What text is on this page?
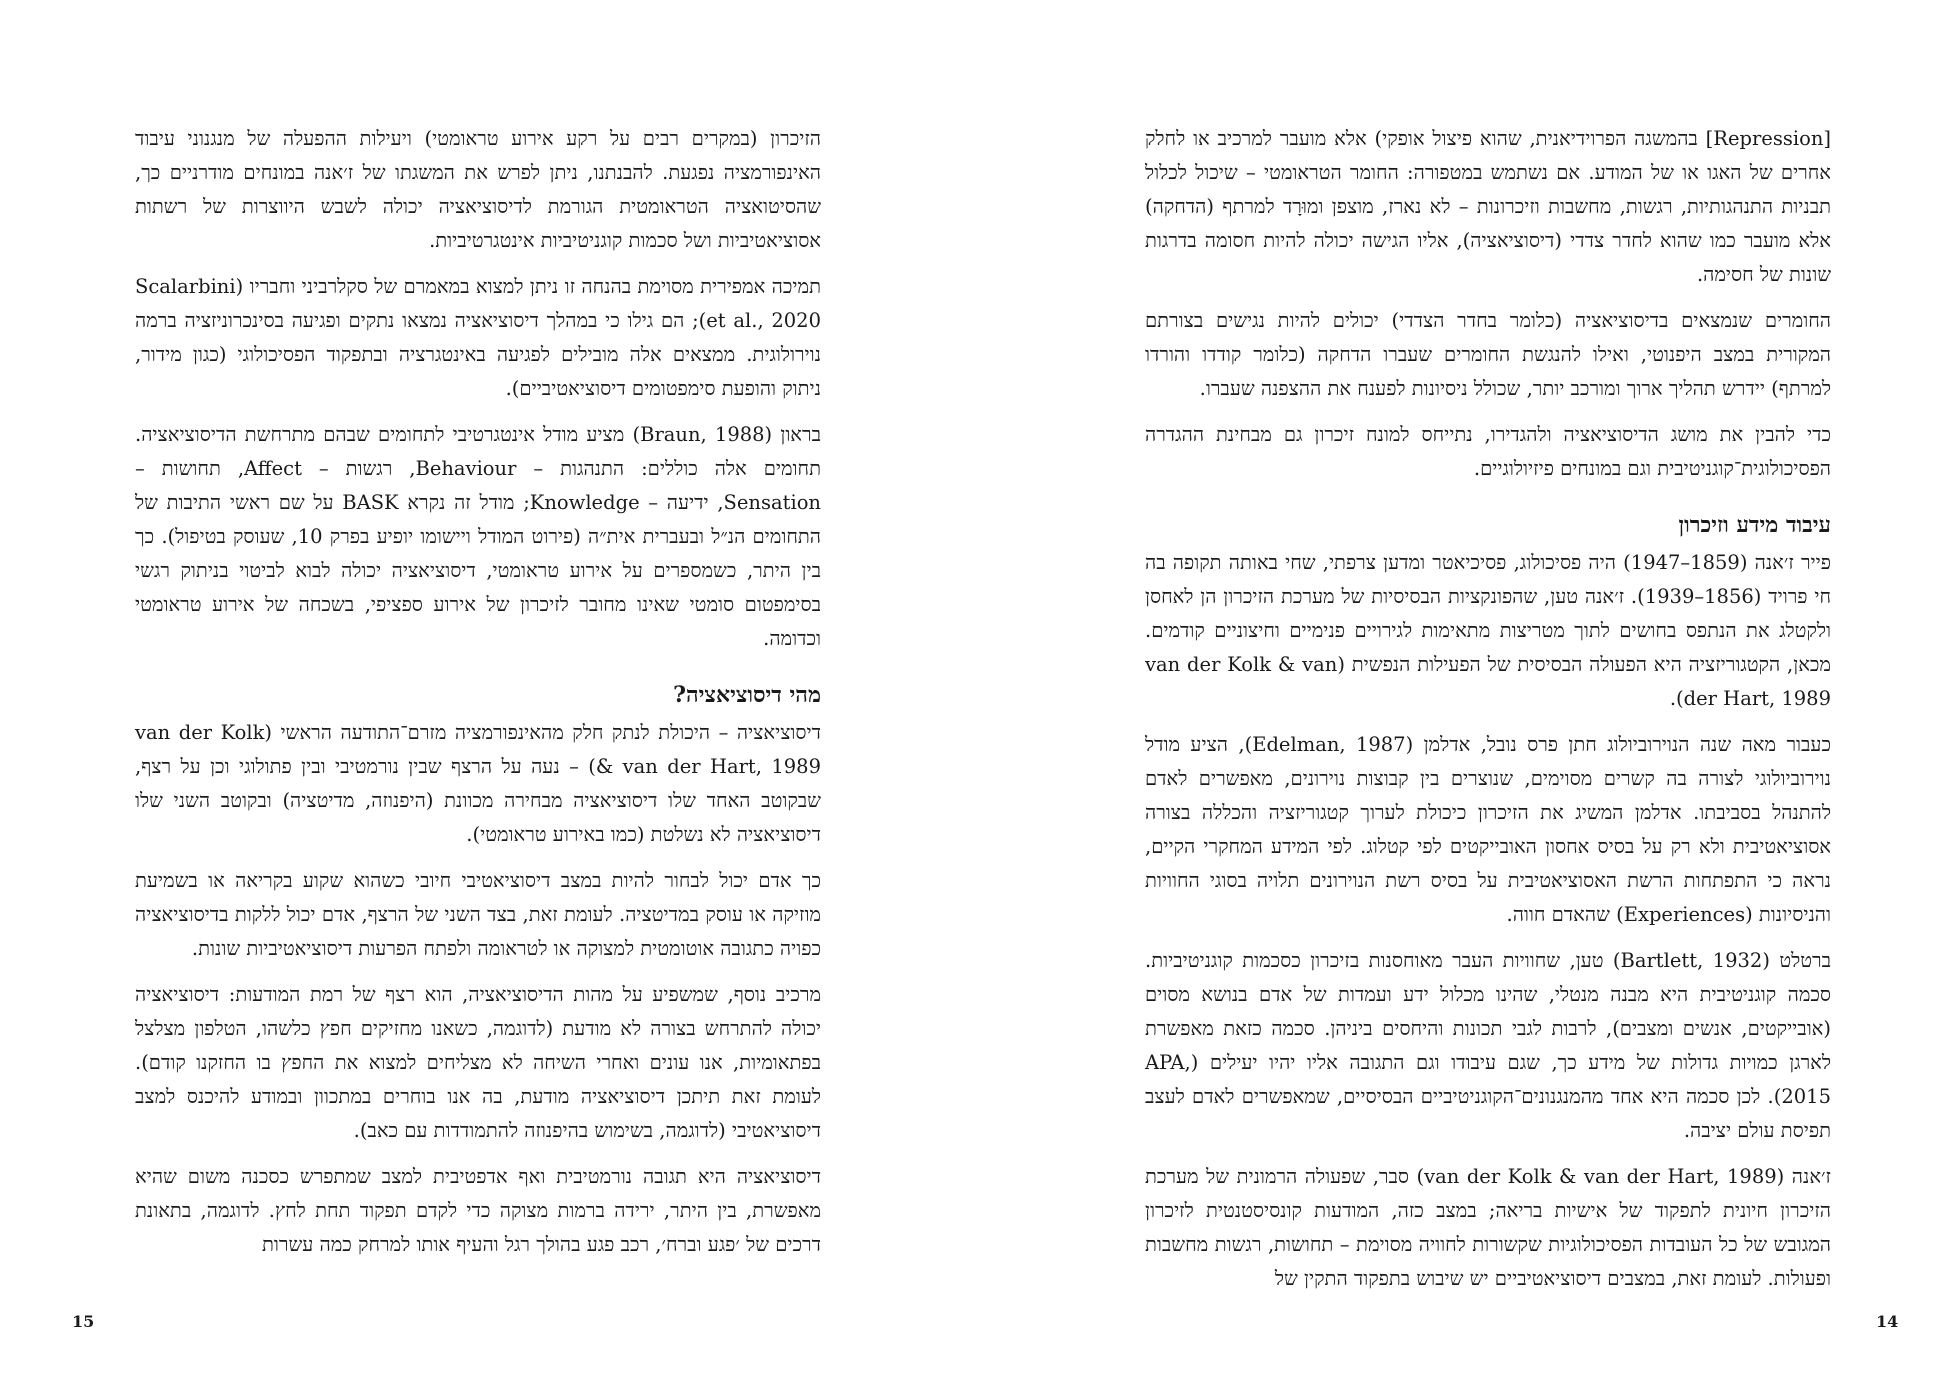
הזיכרון (במקרים רבים על רקע אירוע טראומטי) ויעילות ההפעלה של מנגנוני עיבוד האינפורמציה נפגעת. להבנתנו, ניתן לפרש את המשגתו של ז׳אנה במונחים מודרניים כך, שהסיטואציה הטראומטית הגורמת לדיסוציאציה יכולה לשבש היווצרות של רשתות אסוציאטיביות ושל סכמות קוגניטיביות אינטגרטיביות.

תמיכה אמפירית מסוימת בהנחה זו ניתן למצוא במאמרם של סקלרביני וחבריו (Scalarbini et al., 2020); הם גילו כי במהלך דיסוציאציה נמצאו נתקים ופגיעה בסינכרוניזציה ברמה נוירולוגית. ממצאים אלה מובילים לפגיעה באינטגרציה ובתפקוד הפסיכולוגי (כגון מידור, ניתוק והופעת סימפטומים דיסוציאטיביים).

בראון (Braun, 1988) מציע מודל אינטגרטיבי לתחומים שבהם מתרחשת הדיסוציאציה. תחומים אלה כוללים: התנהגות – Behaviour, רגשות – Affect, תחושות – Sensation, ידיעה – Knowledge; מודל זה נקרא BASK על שם ראשי התיבות של התחומים הנ״ל ובעברית אית״ה (פירוט המודל ויישומו יופיע בפרק 10, שעוסק בטיפול). כך בין היתר, כשמספרים על אירוע טראומטי, דיסוציאציה יכולה לבוא לביטוי בניתוק רגשי בסימפטום סומטי שאינו מחובר לזיכרון של אירוע ספציפי, בשכחה של אירוע טראומטי וכדומה.

מהי דיסוציאציה?

דיסוציאציה – היכולת לנתק חלק מהאינפורמציה מזרם־התודעה הראשי (van der Kolk & van der Hart, 1989) – נעה על הרצף שבין נורמטיבי ובין פתולוגי וכן על רצף, שבקוטב האחד שלו דיסוציאציה מבחירה מכוונת (היפנוזה, מדיטציה) ובקוטב השני שלו דיסוציאציה לא נשלטת (כמו באירוע טראומטי).

כך אדם יכול לבחור להיות במצב דיסוציאטיבי חיובי כשהוא שקוע בקריאה או בשמיעת מוזיקה או עוסק במדיטציה. לעומת זאת, בצד השני של הרצף, אדם יכול ללקות בדיסוציאציה כפויה כתגובה אוטומטית למצוקה או לטראומה ולפתח הפרעות דיסוציאטיביות שונות.

מרכיב נוסף, שמשפיע על מהות הדיסוציאציה, הוא רצף של רמת המודעות: דיסוציאציה יכולה להתרחש בצורה לא מודעת (לדוגמה, כשאנו מחזיקים חפץ כלשהו, הטלפון מצלצל בפתאומיות, אנו עונים ואחרי השיחה לא מצליחים למצוא את החפץ בו החזקנו קודם). לעומת זאת תיתכן דיסוציאציה מודעת, בה אנו בוחרים במתכוון ובמודע להיכנס למצב דיסוציאטיבי (לדוגמה, בשימוש בהיפנוזה להתמודדות עם כאב).

דיסוציאציה היא תגובה נורמטיבית ואף אדפטיבית למצב שמתפרש כסכנה משום שהיא מאפשרת, בין היתר, ירידה ברמות מצוקה כדי לקדם תפקוד תחת לחץ. לדוגמה, בתאונת דרכים של ׳פגע וברח׳, רכב פגע בהולך רגל והעיף אותו למרחק כמה עשרות

15

[Repression] בהמשגה הפרוידיאנית, שהוא פיצול אופקי) אלא מועבר למרכיב או לחלק אחרים של האגו או של המודע. אם נשתמש במטפורה: החומר הטראומטי – שיכול לכלול תבניות התנהגותיות, רגשות, מחשבות וזיכרונות – לא נארז, מוצפן ומוּרָד למרתף (הדחקה) אלא מועבר כמו שהוא לחדר צדדי (דיסוציאציה), אליו הגישה יכולה להיות חסומה בדרגות שונות של חסימה.

החומרים שנמצאים בדיסוציאציה (כלומר בחדר הצדדי) יכולים להיות נגישים בצורתם המקורית במצב היפנוטי, ואילו להנגשת החומרים שעברו הדחקה (כלומר קודדו והורדו למרתף) יידרש תהליך ארוך ומורכב יותר, שכולל ניסיונות לפענח את ההצפנה שעברו.

כדי להבין את מושג הדיסוציאציה ולהגדירו, נתייחס למונח זיכרון גם מבחינת ההגדרה הפסיכולוגית־קוגניטיבית וגם במונחים פיזיולוגיים.

עיבוד מידע וזיכרון

פייר ז׳אנה (1859–1947) היה פסיכולוג, פסיכיאטר ומדען צרפתי, שחי באותה תקופה בה חי פרויד (1856–1939). ז׳אנה טען, שהפונקציות הבסיסיות של מערכת הזיכרון הן לאחסן ולקטלג את הנתפס בחושים לתוך מטריצות מתאימות לגירויים פנימיים וחיצוניים קודמים. מכאן, הקטגוריזציה היא הפעולה הבסיסית של הפעילות הנפשית (van der Kolk & van der Hart, 1989).

כעבור מאה שנה הנוירוביולוג חתן פרס נובל, אדלמן (Edelman, 1987), הציע מודל נוירוביולוגי לצורה בה קשרים מסוימים, שנוצרים בין קבוצות נוירונים, מאפשרים לאדם להתנהל בסביבתו. אדלמן המשיג את הזיכרון כיכולת לערוך קטגוריזציה והכללה בצורה אסוציאטיבית ולא רק על בסיס אחסון האובייקטים לפי קטלוג. לפי המידע המחקרי הקיים, נראה כי התפתחות הרשת האסוציאטיבית על בסיס רשת הנוירונים תלויה בסוגי החוויות והניסיונות (Experiences) שהאדם חווה.

ברטלט (Bartlett, 1932) טען, שחוויות העבר מאוחסנות בזיכרון כסכמות קוגניטיביות. סכמה קוגניטיבית היא מבנה מנטלי, שהינו מכלול ידע ועמדות של אדם בנושא מסוים (אובייקטים, אנשים ומצבים), לרבות לגבי תכונות והיחסים ביניהן. סכמה כזאת מאפשרת לארגן כמויות גדולות של מידע כך, שגם עיבודו וגם התגובה אליו יהיו יעילים (APA, 2015). לכן סכמה היא אחד מהמנגנונים־הקוגניטיביים הבסיסיים, שמאפשרים לאדם לעצב תפיסת עולם יציבה.

ז׳אנה (van der Kolk & van der Hart, 1989) סבר, שפעולה הרמונית של מערכת הזיכרון חיונית לתפקוד של אישיות בריאה; במצב כזה, המודעות קונסיסטנטית לזיכרון המגובש של כל העובדות הפסיכולוגיות שקשורות לחוויה מסוימת – תחושות, רגשות מחשבות ופעולות. לעומת זאת, במצבים דיסוציאטיביים יש שיבוש בתפקוד התקין של

14
